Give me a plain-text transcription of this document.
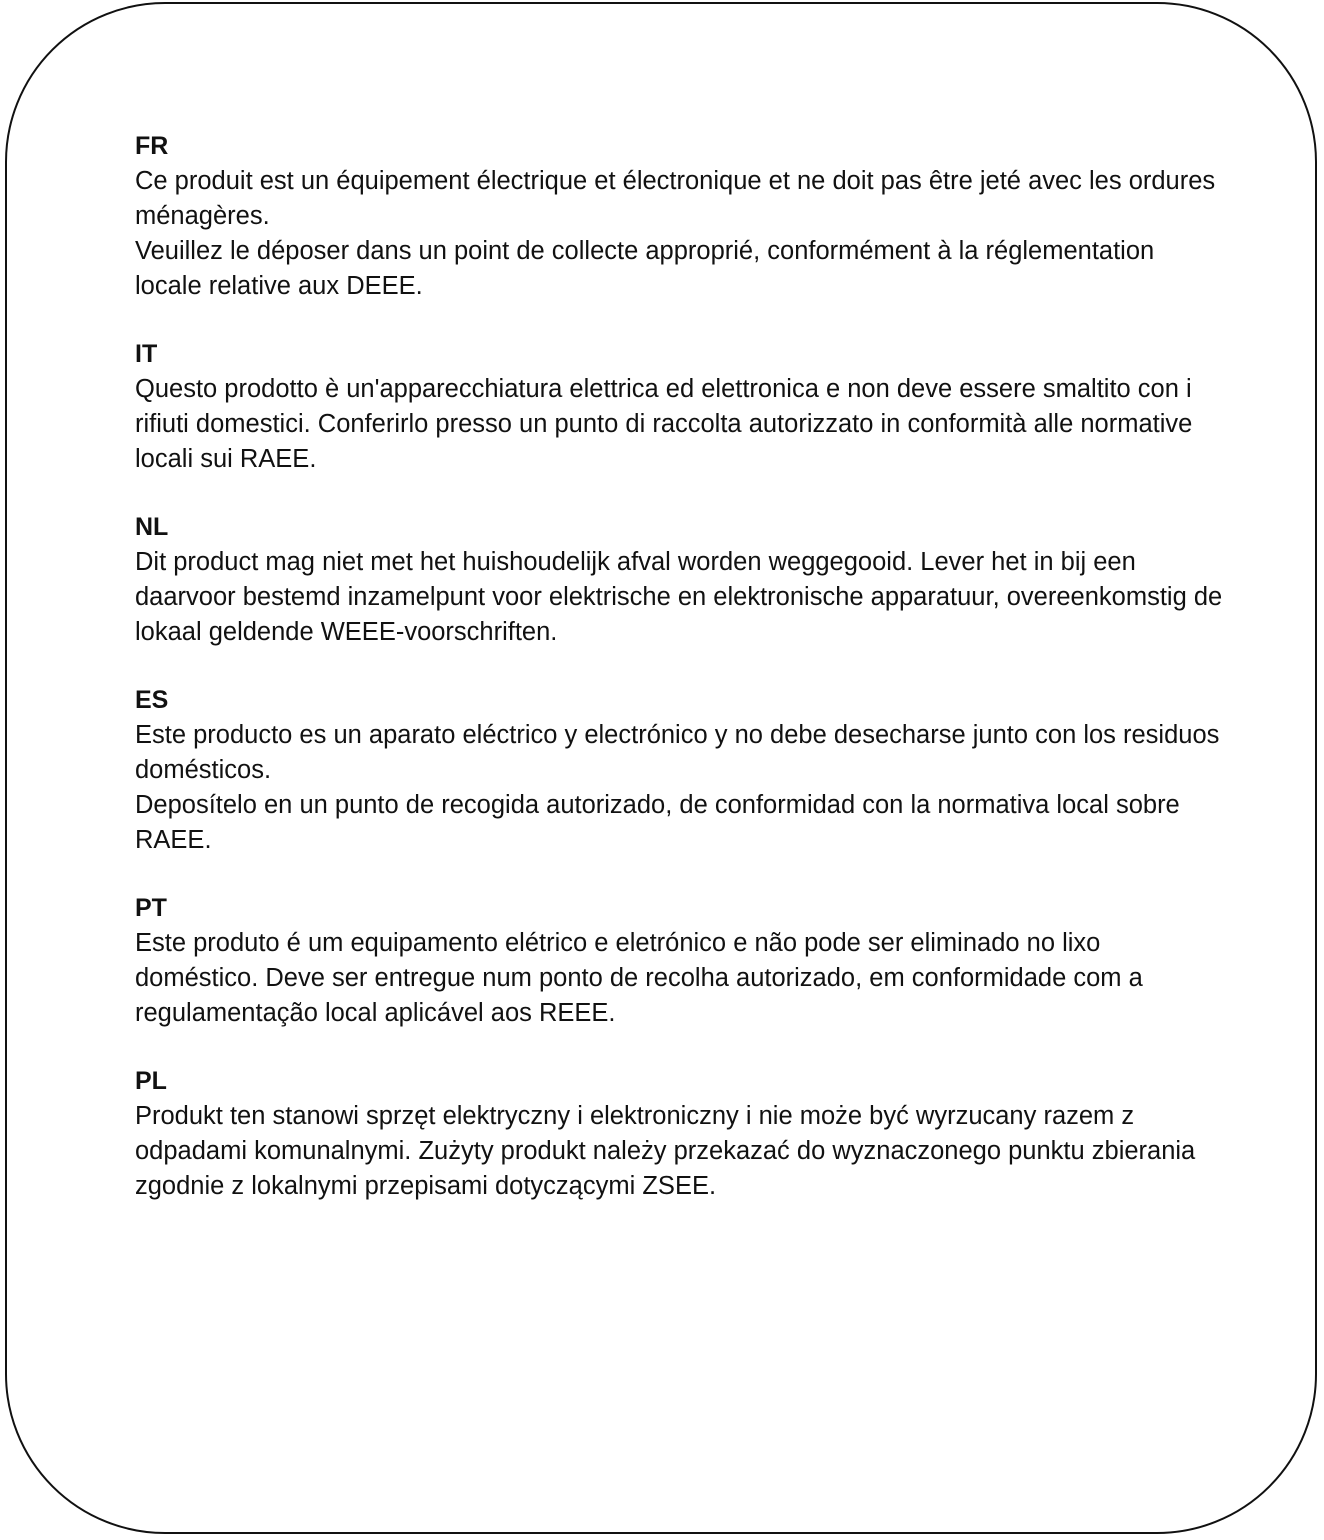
FR

Ce produit est un équipement électrique et électronique et ne doit pas être jeté avec les ordures ménagères.

Veuillez le déposer dans un point de collecte approprié, conformément à la réglementation locale relative aux DEEE.

IT

Questo prodotto è un'apparecchiatura elettrica ed elettronica e non deve essere smaltito con i rifiuti domestici. Conferirlo presso un punto di raccolta autorizzato in conformità alle normative locali sui RAEE.

NL

Dit product mag niet met het huishoudelijk afval worden weggegooid. Lever het in bij een daarvoor bestemd inzamelpunt voor elektrische en elektronische apparatuur, overeenkomstig de lokaal geldende WEEE-voorschriften.

ES

Este producto es un aparato eléctrico y electrónico y no debe desecharse junto con los residuos domésticos.

Deposítelo en un punto de recogida autorizado, de conformidad con la normativa local sobre RAEE.

PT

Este produto é um equipamento elétrico e eletrónico e não pode ser eliminado no lixo doméstico. Deve ser entregue num ponto de recolha autorizado, em conformidade com a regulamentação local aplicável aos REEE.

PL

Produkt ten stanowi sprzęt elektryczny i elektroniczny i nie może być wyrzucany razem z odpadami komunalnymi. Zużyty produkt należy przekazać do wyznaczonego punktu zbierania zgodnie z lokalnymi przepisami dotyczącymi ZSEE.
